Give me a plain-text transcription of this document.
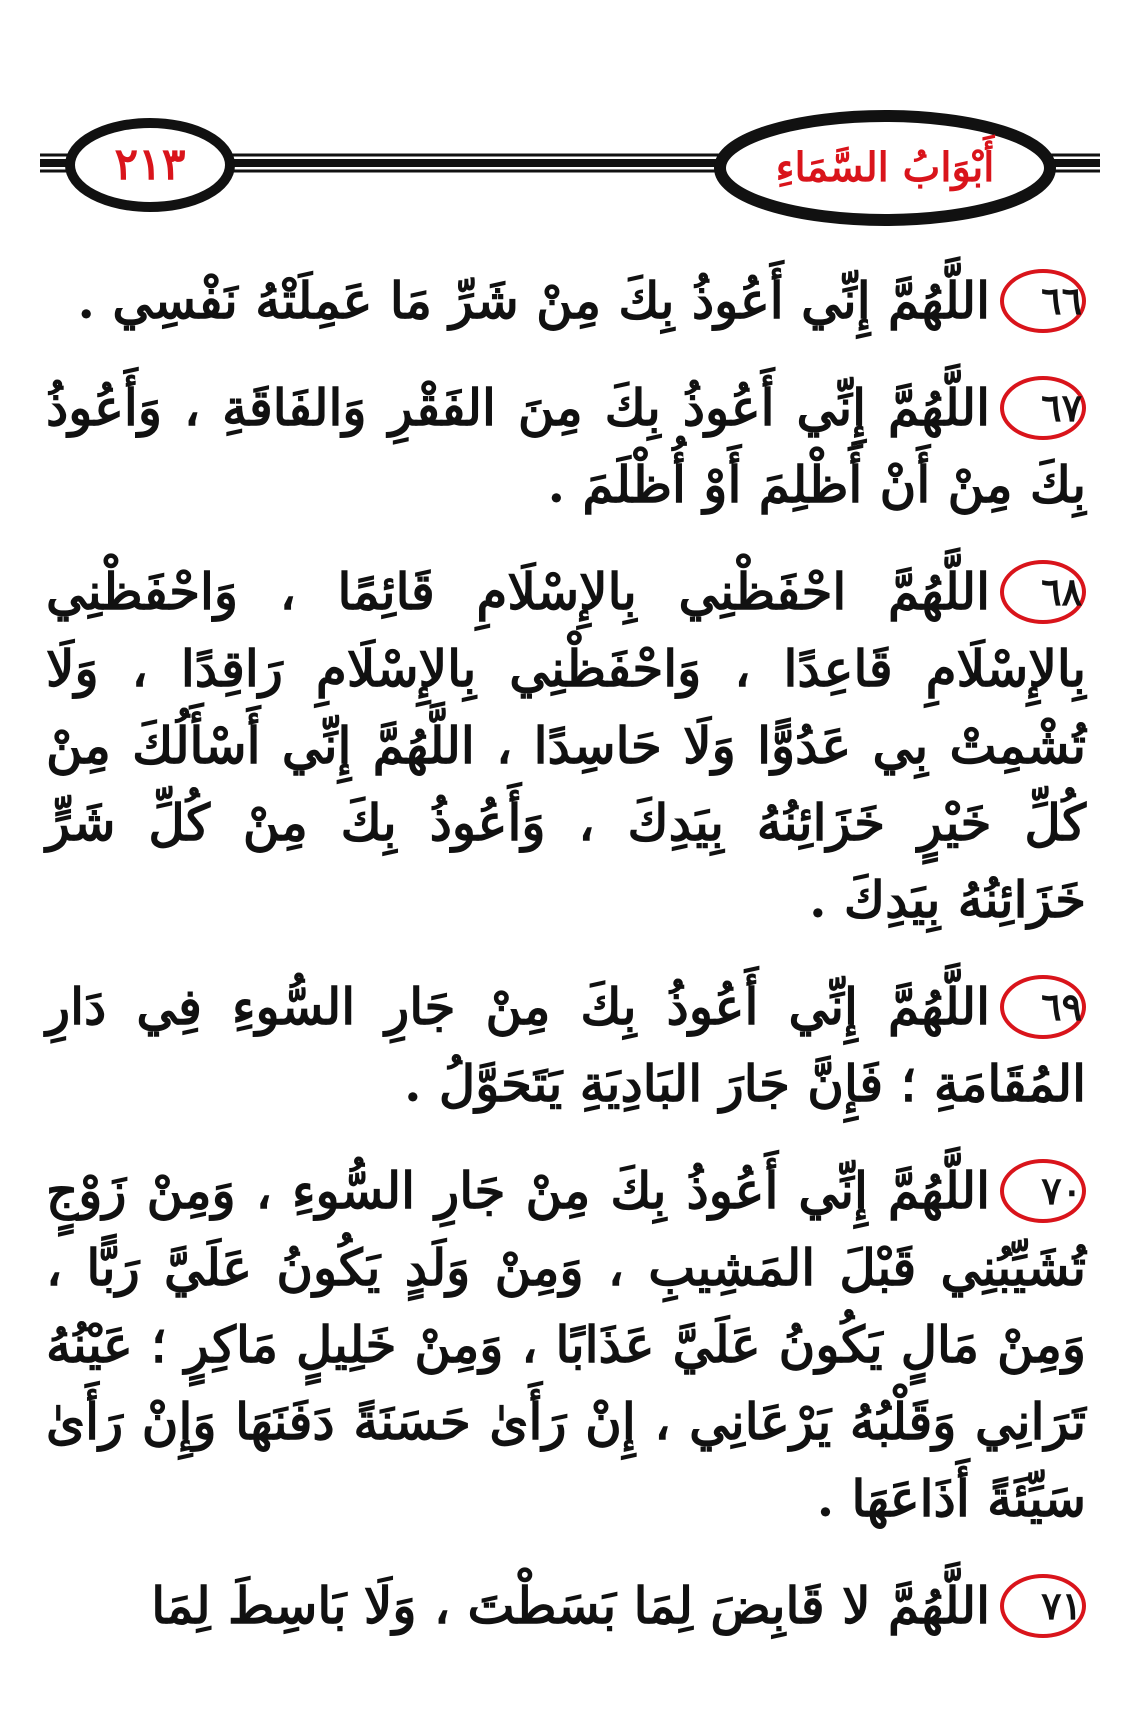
٢١٣	أَبْوَابُ السَّمَاءِ

٦٦اللَّهُمَّ إِنِّي أَعُوذُ بِكَ مِنْ شَرِّ مَا عَمِلَتْهُ نَفْسِي .

٦٧اللَّهُمَّ إِنِّي أَعُوذُ بِكَ مِنَ الفَقْرِ وَالفَاقَةِ ، وَأَعُوذُ بِكَ مِنْ أَنْ أَظْلِمَ أَوْ أُظْلَمَ .

٦٨اللَّهُمَّ احْفَظْنِي بِالإِسْلَامِ قَائِمًا ، وَاحْفَظْنِي بِالإِسْلَامِ قَاعِدًا ، وَاحْفَظْنِي بِالإِسْلَامِ رَاقِدًا ، وَلَا تُشْمِتْ بِي عَدُوًّا وَلَا حَاسِدًا ، اللَّهُمَّ إِنِّي أَسْأَلُكَ مِنْ كُلِّ خَيْرٍ خَزَائِنُهُ بِيَدِكَ ، وَأَعُوذُ بِكَ مِنْ كُلِّ شَرٍّ خَزَائِنُهُ بِيَدِكَ .

٦٩اللَّهُمَّ إِنِّي أَعُوذُ بِكَ مِنْ جَارِ السُّوءِ فِي دَارِ المُقَامَةِ ؛ فَإِنَّ جَارَ البَادِيَةِ يَتَحَوَّلُ .

٧٠اللَّهُمَّ إِنِّي أَعُوذُ بِكَ مِنْ جَارِ السُّوءِ ، وَمِنْ زَوْجٍ تُشَيِّبُنِي قَبْلَ المَشِيبِ ، وَمِنْ وَلَدٍ يَكُونُ عَلَيَّ رَبًّا ، وَمِنْ مَالٍ يَكُونُ عَلَيَّ عَذَابًا ، وَمِنْ خَلِيلٍ مَاكِرٍ ؛ عَيْنُهُ تَرَانِي وَقَلْبُهُ يَرْعَانِي ، إِنْ رَأَىٰ حَسَنَةً دَفَنَهَا وَإِنْ رَأَىٰ سَيِّئَةً أَذَاعَهَا .

٧١اللَّهُمَّ لا قَابِضَ لِمَا بَسَطْتَ ، وَلَا بَاسِطَ لِمَا
